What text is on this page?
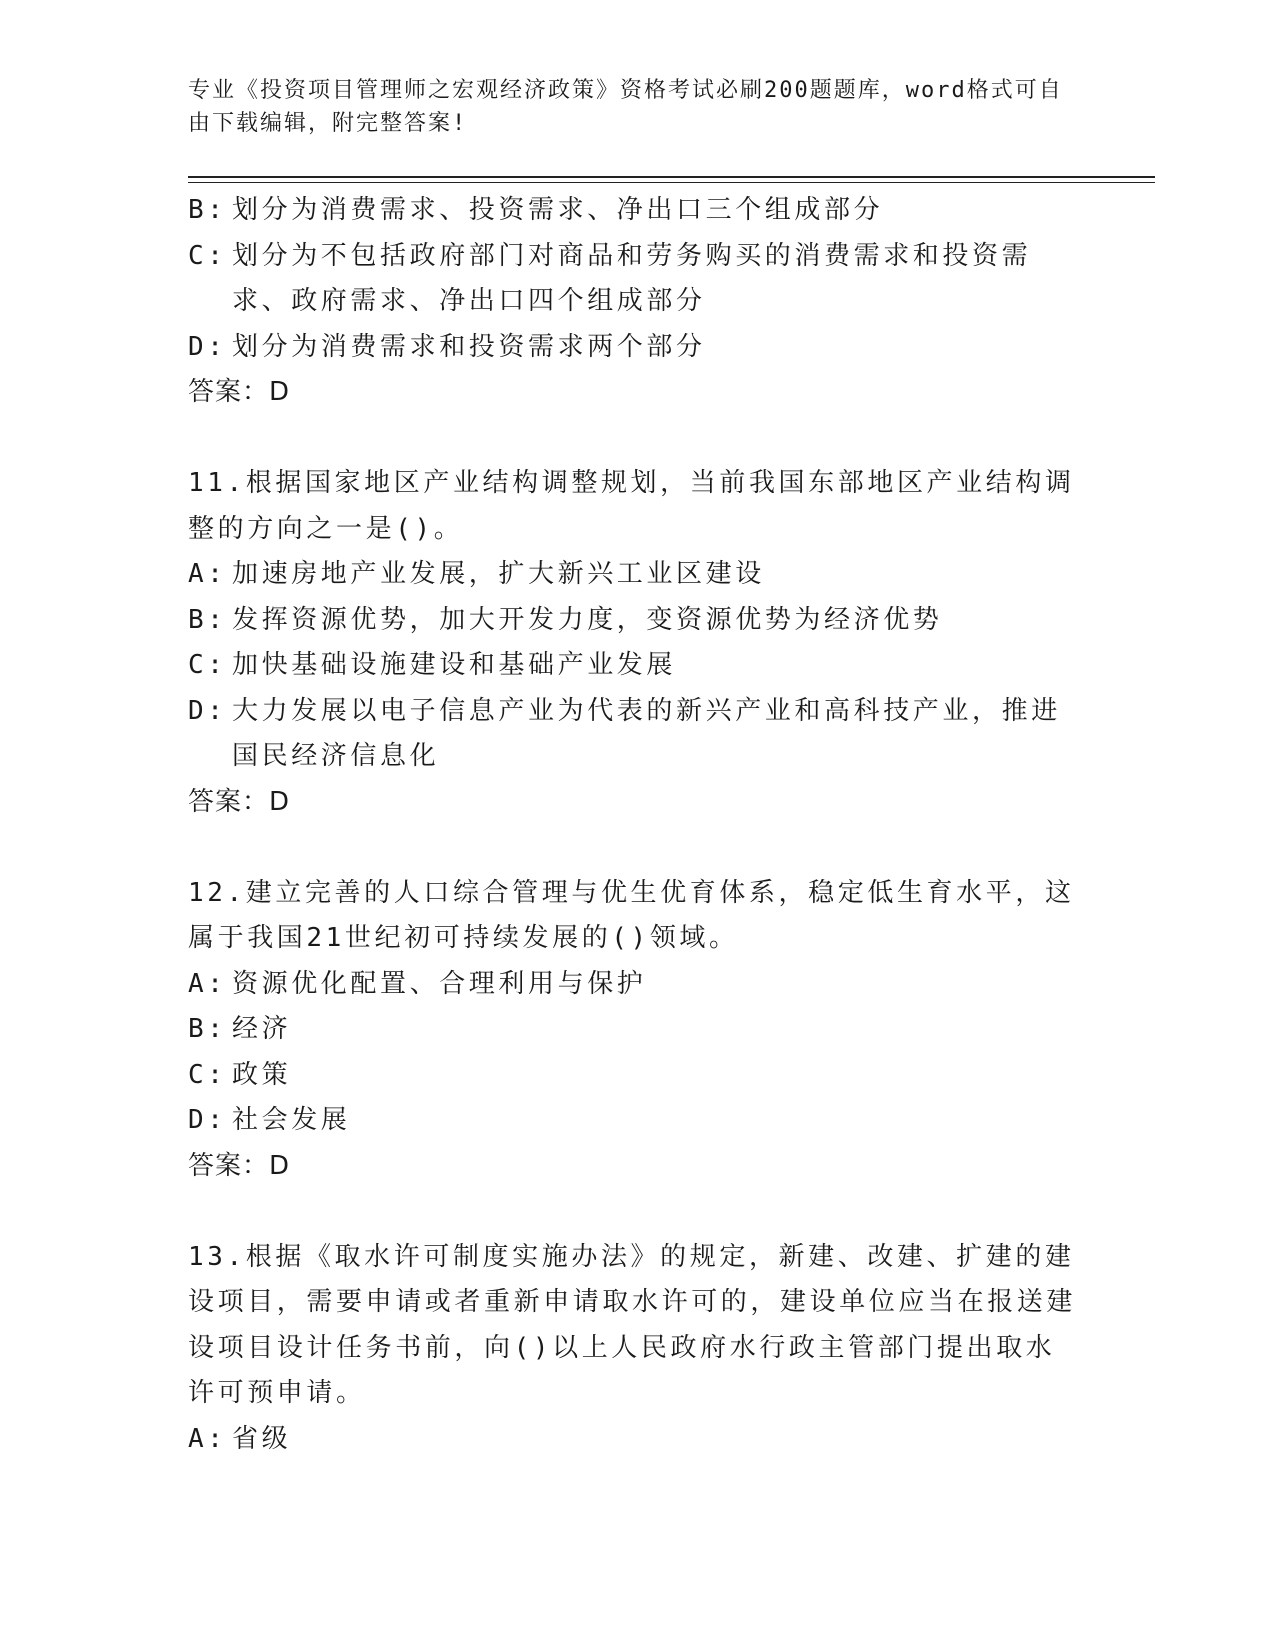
专业《投资项目管理师之宏观经济政策》资格考试必刷200题题库，word格式可自由下载编辑，附完整答案!
B: 划分为消费需求、投资需求、净出口三个组成部分
C: 划分为不包括政府部门对商品和劳务购买的消费需求和投资需求、政府需求、净出口四个组成部分
D: 划分为消费需求和投资需求两个部分
答案：D
11.根据国家地区产业结构调整规划，当前我国东部地区产业结构调整的方向之一是()。
A: 加速房地产业发展，扩大新兴工业区建设
B: 发挥资源优势，加大开发力度，变资源优势为经济优势
C: 加快基础设施建设和基础产业发展
D: 大力发展以电子信息产业为代表的新兴产业和高科技产业，推进国民经济信息化
答案：D
12.建立完善的人口综合管理与优生优育体系，稳定低生育水平，这属于我国21世纪初可持续发展的()领域。
A: 资源优化配置、合理利用与保护
B: 经济
C: 政策
D: 社会发展
答案：D
13.根据《取水许可制度实施办法》的规定，新建、改建、扩建的建设项目，需要申请或者重新申请取水许可的，建设单位应当在报送建设项目设计任务书前，向()以上人民政府水行政主管部门提出取水许可预申请。
A: 省级
